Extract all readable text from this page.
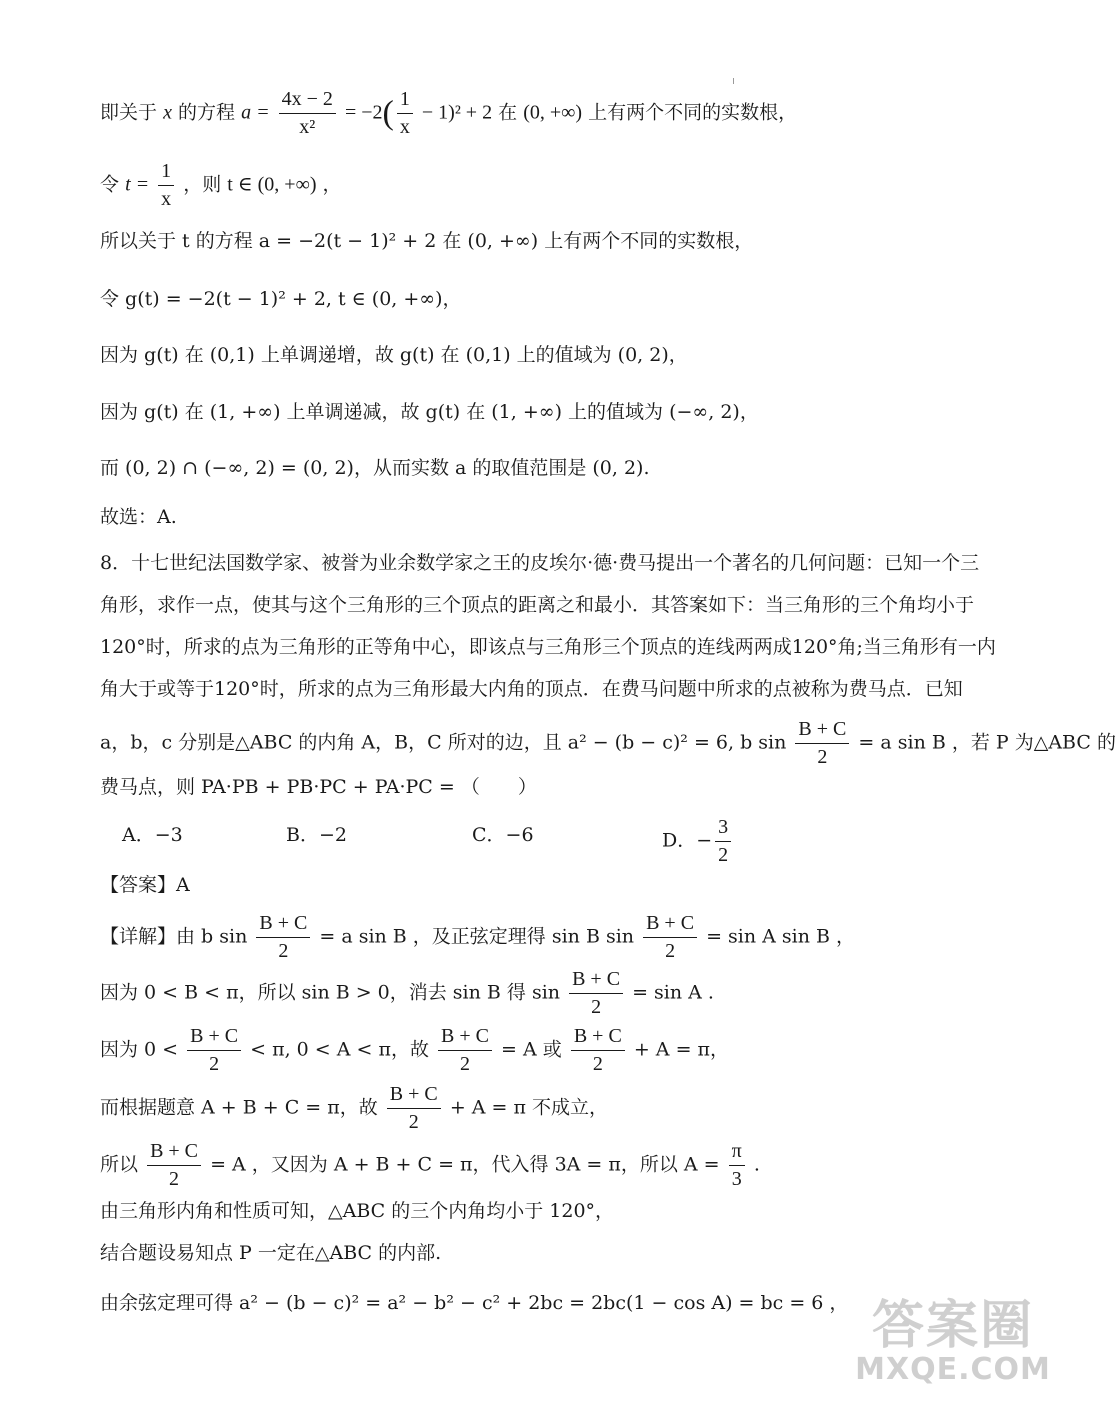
即关于 x 的方程 $a = \frac{4x - 2}{\text{x²}} = -2( \frac{1}{x} - 1)^2 + 2$ 在 (0, +∞) 上有两个不同的实数根，
令 $t = \frac{1}{x}$ ，则 t ∈ (0, +∞) ，
所以关于 t 的方程 a = −2(t − 1)² + 2 在 (0, +∞) 上有两个不同的实数根，
令 g(t) = −2(t − 1)² + 2, t ∈ (0, +∞)，
因为 g(t) 在 (0,1) 上单调递增，故 g(t) 在 (0,1) 上的值域为 (0, 2)，
因为 g(t) 在 (1, +∞) 上单调递减，故 g(t) 在 (1, +∞) 上的值域为 (−∞, 2)，
而 (0, 2) ∩ (−∞, 2) = (0, 2)，从而实数 a 的取值范围是 (0, 2).
故选：A.
8．十七世纪法国数学家、被誉为业余数学家之王的皮埃尔·德·费马提出一个著名的几何问题：已知一个三
角形，求作一点，使其与这个三角形的三个顶点的距离之和最小．其答案如下：当三角形的三个角均小于
120°时，所求的点为三角形的正等角中心，即该点与三角形三个顶点的连线两两成120°角;当三角形有一内
角大于或等于120°时，所求的点为三角形最大内角的顶点．在费马问题中所求的点被称为费马点．已知
a，b，c 分别是△ABC 的内角 A，B，C 所对的边，且 a² − (b − c)² = 6, b $\sin \frac{B + C}{2} = a$ sin B ，若 P 为△ABC 的
费马点，则 PA·PB + PB·PC + PA·PC = （　　）
A．−3	B．−2	C．−6	D．− $\frac{3}{2}$
【答案】A
【详解】由 b $\sin \frac{B + C}{2} = a$ sin B ，及正弦定理得 sin B $\sin \frac{B + C}{2} = \sin A$ sin B ，
因为 0 < B < π，所以 sin B > 0，消去 sin B 得 $\sin \frac{B + C}{2} = \sin A$ .
因为 $0 < \frac{B + C}{2} < \pi$, 0 < A < π，故 $\frac{B + C}{2} = A$ 或 $\frac{B + C}{2} + A = \pi$，
而根据题意 A + B + C = π，故 $\frac{B + C}{2} + A = \pi$ 不成立，
所以 $\frac{B + C}{2} = A$ ，又因为 A + B + C = π，代入得 3A = π，所以 $A = \frac{\pi}{3}$ .
由三角形内角和性质可知，△ABC 的三个内角均小于 120°，
结合题设易知点 P 一定在△ABC 的内部.
由余弦定理可得 a² − (b − c)² = a² − b² − c² + 2bc = 2bc(1 − cos A) = bc = 6 ， 答案圈
MXQE.COM
